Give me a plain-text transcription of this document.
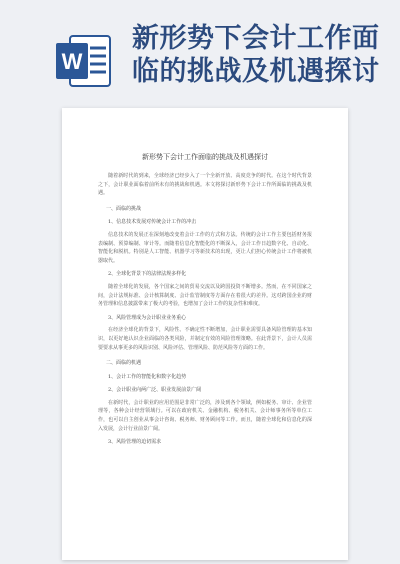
W
新形势下会计工作面临的挑战及机遇探讨
新形势下会计工作面临的挑战及机遇探讨

随着新时代的到来，全球经济已经步入了一个全新开放、高度竞争的时代。在这个时代背景之下，会计职业面临着前所未有的挑战和机遇。本文将探讨新形势下会计工作所面临的挑战及机遇。

一、面临的挑战
1、信息技术发展对传统会计工作的冲击

信息技术的发展正在深刻地改变着会计工作的方式和方法。传统的会计工作主要包括财务报表编制、预算编制、审计等。而随着信息化智能化的不断深入，会计工作日趋数字化、自动化、智能化和脱机。特别是人工智能、机器学习等新技术的出现，更让人们担心传统会计工作将被机器取代。

2、全球化背景下的法律法规多样化

随着全球化的发展，各个国家之间的贸易交流以及跨国投资不断增多。然而，在不同国家之间，会计法规标准、会计核算制度、会计监管制度等方面存在着很大的差异。这对跨国企业的财务管理和信息披露带来了极大的考验，也增加了会计工作的复杂性和难度。

3、风险管理成为会计职业业务重心

在经济全球化的背景下，风险性、不确定性不断增加，会计职业需要具备风险管理的基本知识，以更好地认识企业面临的各类风险，并制定有效的风险管理策略。在此背景下，会计人员需要要求从事更多的风险识别、风险评估、管理风险、防范风险等方面的工作。

二、面临的机遇
1、会计工作的智能化和数字化趋势
2、会计职业向两广泛、职业发展前景广阔

在新时代，会计职业的应用范围是非常广泛的，涉及到各个领域，例如税务、审计、企业管理等，各种会计经营领域行。可以在政府机关、金融机构、税务机关、会计师事务所等单位工作，也可以自主创业从事会计咨询、税务师、财务顾问等工作。而且，随着全球化和信息化的深入发展，会计行业前景广阔。

3、风险管理的迫切需求
